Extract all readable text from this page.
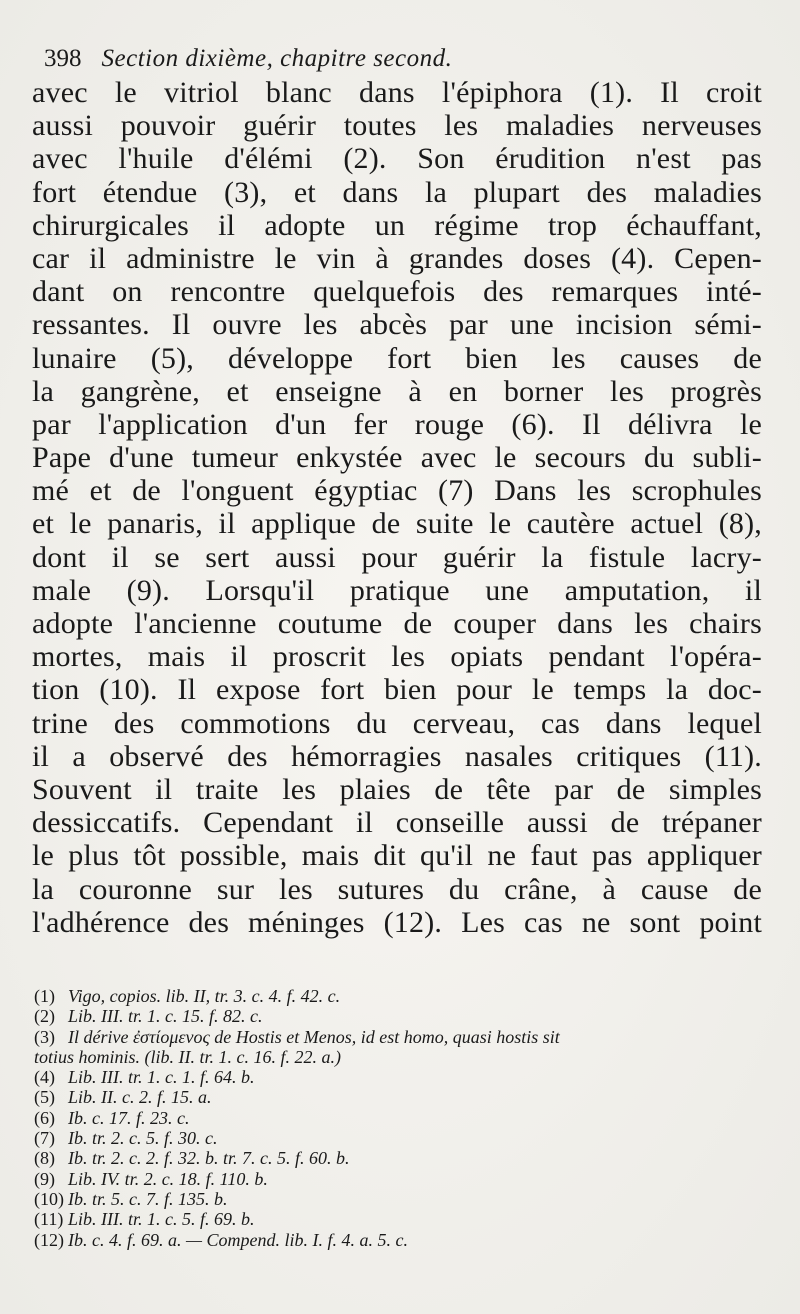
398 Section dixième, chapitre second.
avec le vitriol blanc dans l'épiphora (1). Il croit
aussi pouvoir guérir toutes les maladies nerveuses
avec l'huile d'élémi (2). Son érudition n'est pas
fort étendue (3), et dans la plupart des maladies
chirurgicales il adopte un régime trop échauffant,
car il administre le vin à grandes doses (4). Cepen-
dant on rencontre quelquefois des remarques inté-
ressantes. Il ouvre les abcès par une incision sémi-
lunaire (5), développe fort bien les causes de
la gangrène, et enseigne à en borner les progrès
par l'application d'un fer rouge (6). Il délivra le
Pape d'une tumeur enkystée avec le secours du subli-
mé et de l'onguent égyptiac (7) Dans les scrophules
et le panaris, il applique de suite le cautère actuel (8),
dont il se sert aussi pour guérir la fistule lacry-
male (9). Lorsqu'il pratique une amputation, il
adopte l'ancienne coutume de couper dans les chairs
mortes, mais il proscrit les opiats pendant l'opéra-
tion (10). Il expose fort bien pour le temps la doc-
trine des commotions du cerveau, cas dans lequel
il a observé des hémorragies nasales critiques (11).
Souvent il traite les plaies de tête par de simples
dessiccatifs. Cependant il conseille aussi de trépaner
le plus tôt possible, mais dit qu'il ne faut pas appliquer
la couronne sur les sutures du crâne, à cause de
l'adhérence des méninges (12). Les cas ne sont point
(1) Vigo, copios. lib. II, tr. 3. c. 4. f. 42. c.
(2) Lib. III. tr. 1. c. 15. f. 82. c.
(3) Il dérive ἐστίομενος de Hostis et Menos, id est homo, quasi hostis sit
totius hominis. (lib. II. tr. 1. c. 16. f. 22. a.)
(4) Lib. III. tr. 1. c. 1. f. 64. b.
(5) Lib. II. c. 2. f. 15. a.
(6) Ib. c. 17. f. 23. c.
(7) Ib. tr. 2. c. 5. f. 30. c.
(8) Ib. tr. 2. c. 2. f. 32. b. tr. 7. c. 5. f. 60. b.
(9) Lib. IV. tr. 2. c. 18. f. 110. b.
(10) Ib. tr. 5. c. 7. f. 135. b.
(11) Lib. III. tr. 1. c. 5. f. 69. b.
(12) Ib. c. 4. f. 69. a. — Compend. lib. I. f. 4. a. 5. c.
